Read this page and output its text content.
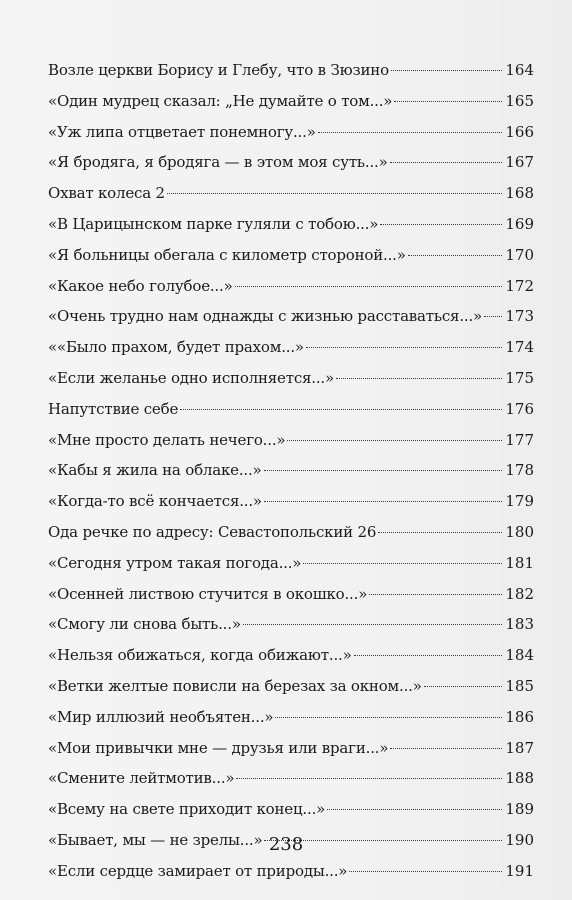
Возле церкви Борису и Глебу, что в Зюзино	164
«Один мудрец сказал: „Не думайте о том...»	165
«Уж липа отцветает понемногу...»	166
«Я бродяга, я бродяга — в этом моя суть...»	167
Охват колеса 2	168
«В Царицынском парке гуляли с тобою...»	169
«Я больницы обегала с километр стороной...»	170
«Какое небо голубое...»	172
«Очень трудно нам однажды с жизнью расставаться...» 173
««Было прахом, будет прахом...»	174
«Если желанье одно исполняется...»	175
Напутствие себе	176
«Мне просто делать нечего...»	177
«Кабы я жила на облаке...»	178
«Когда-то всё кончается...»	179
Ода речке по адресу: Севастопольский 26	180
«Сегодня утром такая погода...»	181
«Осенней листвою стучится в окошко...»	182
«Смогу ли снова быть...»	183
«Нельзя обижаться, когда обижают...»	184
«Ветки желтые повисли на березах за окном...»	185
«Мир иллюзий необъятен...»	186
«Мои привычки мне — друзья или враги...»	187
«Смените лейтмотив...»	188
«Всему на свете приходит конец...»	189
«Бывает, мы — не зрелы...»	190
«Если сердце замирает от природы...»	191
238
